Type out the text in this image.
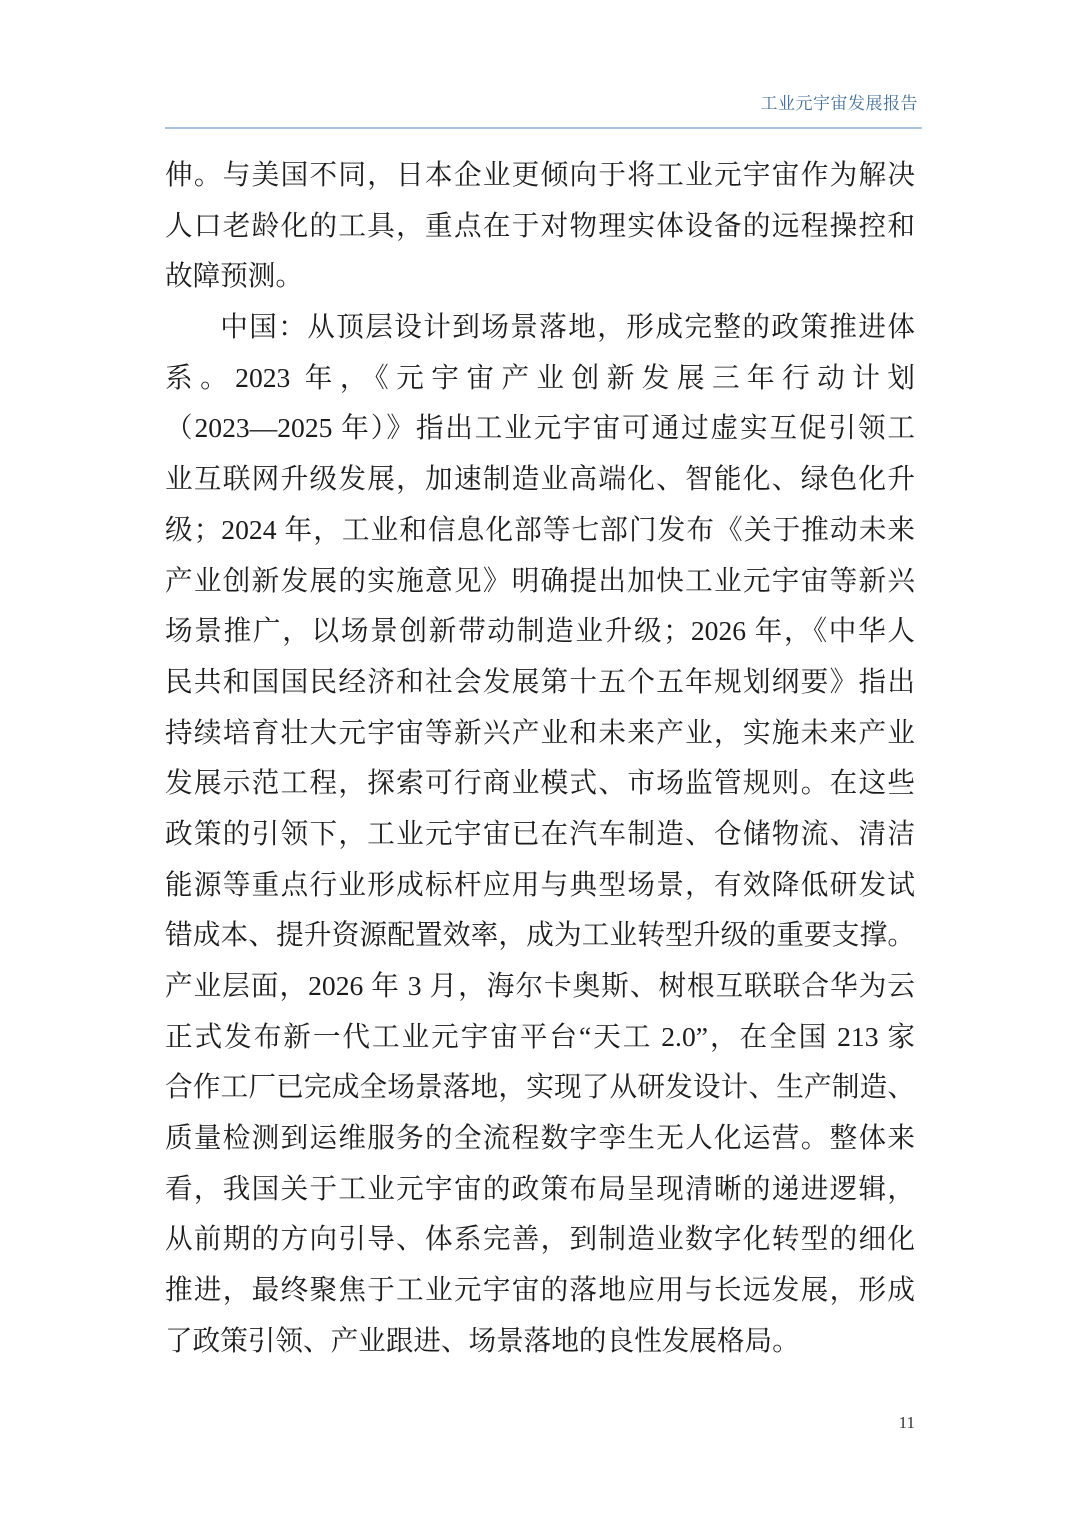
工业元宇宙发展报告
伸。与美国不同，日本企业更倾向于将工业元宇宙作为解决
人口老龄化的工具，重点在于对物理实体设备的远程操控和
故障预测。
中国：从顶层设计到场景落地，形成完整的政策推进体
系。2023 年，《元宇宙产业创新发展三年行动计划
（2023—2025 年）》指出工业元宇宙可通过虚实互促引领工
业互联网升级发展，加速制造业高端化、智能化、绿色化升
级；2024 年，工业和信息化部等七部门发布《关于推动未来
产业创新发展的实施意见》明确提出加快工业元宇宙等新兴
场景推广，以场景创新带动制造业升级；2026 年，《中华人
民共和国国民经济和社会发展第十五个五年规划纲要》指出
持续培育壮大元宇宙等新兴产业和未来产业，实施未来产业
发展示范工程，探索可行商业模式、市场监管规则。在这些
政策的引领下，工业元宇宙已在汽车制造、仓储物流、清洁
能源等重点行业形成标杆应用与典型场景，有效降低研发试
错成本、提升资源配置效率，成为工业转型升级的重要支撑。
产业层面，2026 年 3 月，海尔卡奥斯、树根互联联合华为云
正式发布新一代工业元宇宙平台“天工 2.0”，在全国 213 家
合作工厂已完成全场景落地，实现了从研发设计、生产制造、
质量检测到运维服务的全流程数字孪生无人化运营。整体来
看，我国关于工业元宇宙的政策布局呈现清晰的递进逻辑，
从前期的方向引导、体系完善，到制造业数字化转型的细化
推进，最终聚焦于工业元宇宙的落地应用与长远发展，形成
了政策引领、产业跟进、场景落地的良性发展格局。
11
